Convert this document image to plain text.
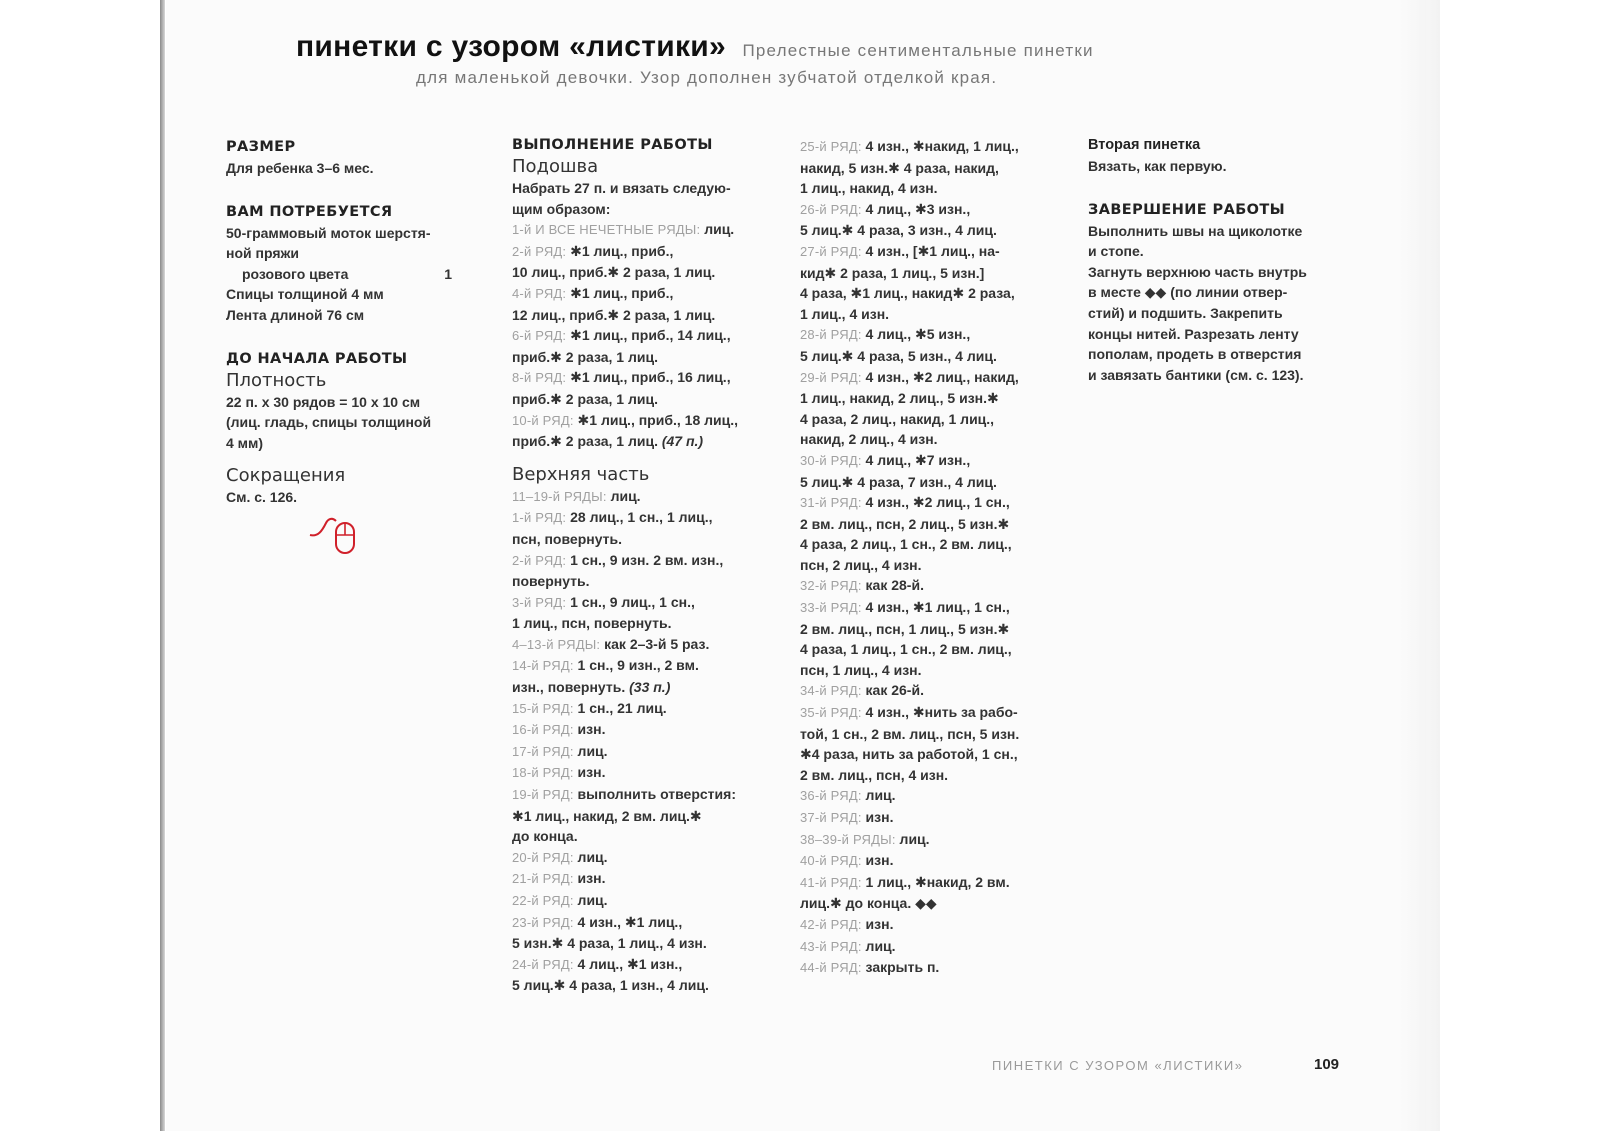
пинетки с узором «листики» Прелестные сентиментальные пинетки
для маленькой девочки. Узор дополнен зубчатой отделкой края.

РАЗМЕР

Для ребенка 3–6 мес.

ВАМ ПОТРЕБУЕТСЯ

50-граммовый моток шерстя-

ной пряжи

розового цвета	1

Спицы толщиной 4 мм

Лента длиной 76 см

ДО НАЧАЛА РАБОТЫ

Плотность

22 п. х 30 рядов = 10 х 10 см

(лиц. гладь, спицы толщиной

4 мм)

Сокращения

См. с. 126.

ВЫПОЛНЕНИЕ РАБОТЫ

Подошва

Набрать 27 п. и вязать следую-

щим образом:

1-й И ВСЕ НЕЧЕТНЫЕ РЯДЫ: лиц.

2-й РЯД: ✱1 лиц., приб.,

10 лиц., приб.✱ 2 раза, 1 лиц.

4-й РЯД: ✱1 лиц., приб.,

12 лиц., приб.✱ 2 раза, 1 лиц.

6-й РЯД: ✱1 лиц., приб., 14 лиц.,

приб.✱ 2 раза, 1 лиц.

8-й РЯД: ✱1 лиц., приб., 16 лиц.,

приб.✱ 2 раза, 1 лиц.

10-й РЯД: ✱1 лиц., приб., 18 лиц.,

приб.✱ 2 раза, 1 лиц. (47 п.)

Верхняя часть

11–19-й РЯДЫ: лиц.

1-й РЯД: 28 лиц., 1 сн., 1 лиц.,

псн, повернуть.

2-й РЯД: 1 сн., 9 изн. 2 вм. изн.,

повернуть.

3-й РЯД: 1 сн., 9 лиц., 1 сн.,

1 лиц., псн, повернуть.

4–13-й РЯДЫ: как 2–3-й 5 раз.

14-й РЯД: 1 сн., 9 изн., 2 вм.

изн., повернуть. (33 п.)

15-й РЯД: 1 сн., 21 лиц.

16-й РЯД: изн.

17-й РЯД: лиц.

18-й РЯД: изн.

19-й РЯД: выполнить отверстия:

✱1 лиц., накид, 2 вм. лиц.✱

до конца.

20-й РЯД: лиц.

21-й РЯД: изн.

22-й РЯД: лиц.

23-й РЯД: 4 изн., ✱1 лиц.,

5 изн.✱ 4 раза, 1 лиц., 4 изн.

24-й РЯД: 4 лиц., ✱1 изн.,

5 лиц.✱ 4 раза, 1 изн., 4 лиц.

25-й РЯД: 4 изн., ✱накид, 1 лиц.,

накид, 5 изн.✱ 4 раза, накид,

1 лиц., накид, 4 изн.

26-й РЯД: 4 лиц., ✱3 изн.,

5 лиц.✱ 4 раза, 3 изн., 4 лиц.

27-й РЯД: 4 изн., [✱1 лиц., на-

кид✱ 2 раза, 1 лиц., 5 изн.]

4 раза, ✱1 лиц., накид✱ 2 раза,

1 лиц., 4 изн.

28-й РЯД: 4 лиц., ✱5 изн.,

5 лиц.✱ 4 раза, 5 изн., 4 лиц.

29-й РЯД: 4 изн., ✱2 лиц., накид,

1 лиц., накид, 2 лиц., 5 изн.✱

4 раза, 2 лиц., накид, 1 лиц.,

накид, 2 лиц., 4 изн.

30-й РЯД: 4 лиц., ✱7 изн.,

5 лиц.✱ 4 раза, 7 изн., 4 лиц.

31-й РЯД: 4 изн., ✱2 лиц., 1 сн.,

2 вм. лиц., псн, 2 лиц., 5 изн.✱

4 раза, 2 лиц., 1 сн., 2 вм. лиц.,

псн, 2 лиц., 4 изн.

32-й РЯД: как 28-й.

33-й РЯД: 4 изн., ✱1 лиц., 1 сн.,

2 вм. лиц., псн, 1 лиц., 5 изн.✱

4 раза, 1 лиц., 1 сн., 2 вм. лиц.,

псн, 1 лиц., 4 изн.

34-й РЯД: как 26-й.

35-й РЯД: 4 изн., ✱нить за рабо-

той, 1 сн., 2 вм. лиц., псн, 5 изн.

✱4 раза, нить за работой, 1 сн.,

2 вм. лиц., псн, 4 изн.

36-й РЯД: лиц.

37-й РЯД: изн.

38–39-й РЯДЫ: лиц.

40-й РЯД: изн.

41-й РЯД: 1 лиц., ✱накид, 2 вм.

лиц.✱ до конца. ◆◆

42-й РЯД: изн.

43-й РЯД: лиц.

44-й РЯД: закрыть п.

Вторая пинетка

Вязать, как первую.

ЗАВЕРШЕНИЕ РАБОТЫ

Выполнить швы на щиколотке

и стопе.

Загнуть верхнюю часть внутрь

в месте ◆◆ (по линии отвер-

стий) и подшить. Закрепить

концы нитей. Разрезать ленту

пополам, продеть в отверстия

и завязать бантики (см. с. 123).

ПИНЕТКИ С УЗОРОМ «ЛИСТИКИ»	109
